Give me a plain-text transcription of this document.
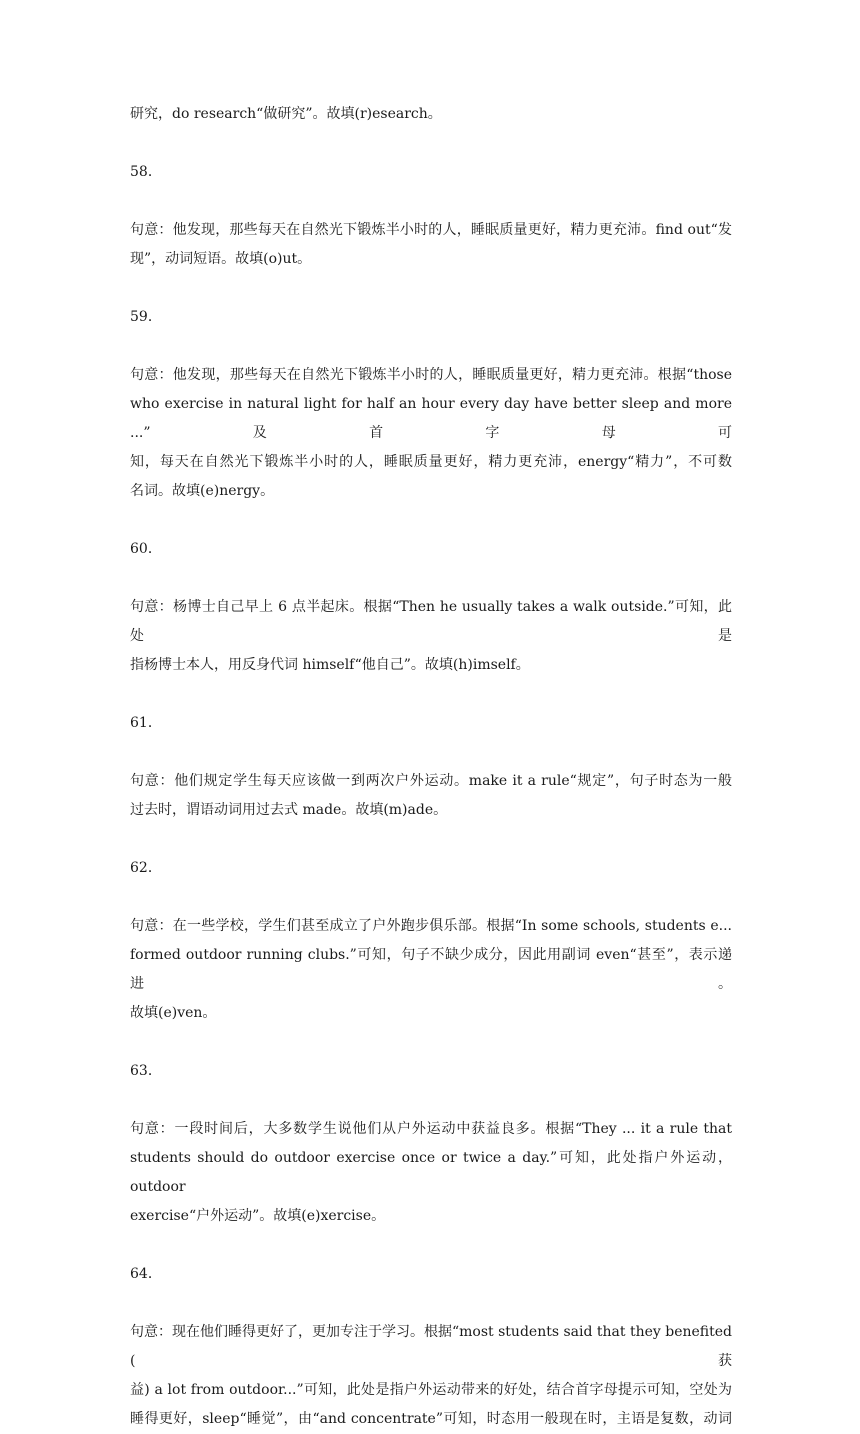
研究，do research“做研究”。故填(r)esearch。
58．
句意：他发现，那些每天在自然光下锻炼半小时的人，睡眠质量更好，精力更充沛。find out“发
现”，动词短语。故填(o)ut。
59．
句意：他发现，那些每天在自然光下锻炼半小时的人，睡眠质量更好，精力更充沛。根据“those
who exercise in natural light for half an hour every day have better sleep and more ...”及首字母可
知，每天在自然光下锻炼半小时的人，睡眠质量更好，精力更充沛，energy“精力”，不可数
名词。故填(e)nergy。
60．
句意：杨博士自己早上 6 点半起床。根据“Then he usually takes a walk outside.”可知，此处是
指杨博士本人，用反身代词 himself“他自己”。故填(h)imself。
61．
句意：他们规定学生每天应该做一到两次户外运动。make it a rule“规定”，句子时态为一般
过去时，谓语动词用过去式 made。故填(m)ade。
62．
句意：在一些学校，学生们甚至成立了户外跑步俱乐部。根据“In some schools, students e...
formed outdoor running clubs.”可知，句子不缺少成分，因此用副词 even“甚至”，表示递进。
故填(e)ven。
63．
句意：一段时间后，大多数学生说他们从户外运动中获益良多。根据“They ... it a rule that
students should do outdoor exercise once or twice a day.”可知，此处指户外运动，outdoor
exercise“户外运动”。故填(e)xercise。
64．
句意：现在他们睡得更好了，更加专注于学习。根据“most students said that they benefited (获
益) a lot from outdoor...”可知，此处是指户外运动带来的好处，结合首字母提示可知，空处为
睡得更好，sleep“睡觉”，由“and concentrate”可知，时态用一般现在时，主语是复数，动词
